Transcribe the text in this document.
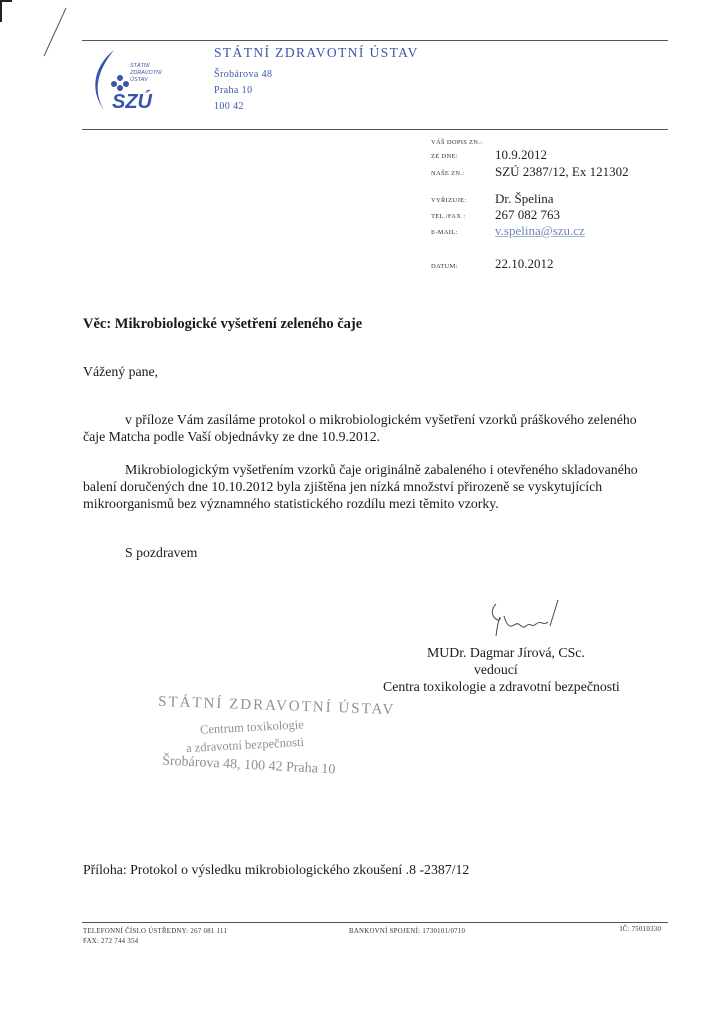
STÁTNÍ
ZDRAVOTNÍ
ÚSTAV
SZÚ
STÁTNÍ ZDRAVOTNÍ ÚSTAV
Šrobárova 48
Praha 10
100 42
VÁŠ DOPIS ZN.:
ZE DNE:	10.9.2012
NAŠE ZN.: SZÚ 2387/12, Ex 121302
VYŘIZUJE: Dr. Špelina
TEL./FAX : 267 082 763
E-MAIL:	v.spelina@szu.cz
DATUM:	22.10.2012
Věc: Mikrobiologické vyšetření zeleného čaje
Vážený pane,
v příloze Vám zasíláme protokol o mikrobiologickém vyšetření vzorků práškového zeleného
čaje Matcha podle Vaší objednávky ze dne 10.9.2012.
Mikrobiologickým vyšetřením vzorků čaje originálně zabaleného i otevřeného skladovaného
balení doručených dne 10.10.2012 byla zjištěna jen nízká množství přirozeně se vyskytujících
mikroorganismů bez významného statistického rozdílu mezi těmito vzorky.
S pozdravem
MUDr. Dagmar Jírová, CSc.
vedoucí
Centra toxikologie a zdravotní bezpečnosti
STÁTNÍ ZDRAVOTNÍ ÚSTAV
Centrum toxikologie
a zdravotní bezpečnosti
Šrobárova 48, 100 42 Praha 10
Příloha: Protokol o výsledku mikrobiologického zkoušení .8 -2387/12
TELEFONNÍ ČÍSLO ÚSTŘEDNY: 267 081 111
FAX: 272 744 354
BANKOVNÍ SPOJENÍ: 1730101/0710	IČ: 75010330
